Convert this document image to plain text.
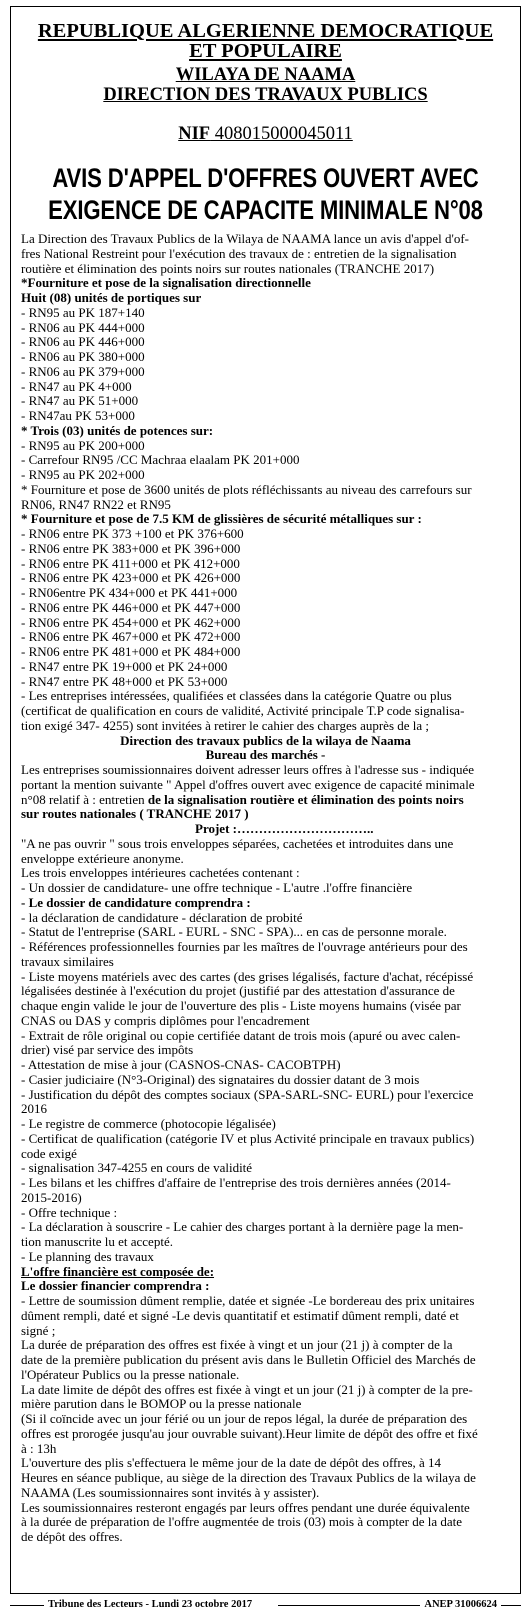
REPUBLIQUE ALGERIENNE DEMOCRATIQUE

ET POPULAIRE

WILAYA DE NAAMA

DIRECTION DES TRAVAUX PUBLICS

NIF 408015000045011

AVIS D'APPEL D'OFFRES OUVERT AVEC
EXIGENCE DE CAPACITE MINIMALE N°08

La Direction des Travaux Publics de la Wilaya de NAAMA lance un avis d'appel d'of-

fres National Restreint pour l'exécution des travaux de : entretien de la signalisation

routière et élimination des points noirs sur routes nationales (TRANCHE 2017)

*Fourniture et pose de la signalisation directionnelle

Huit (08) unités de portiques sur

- RN95 au PK 187+140

- RN06 au PK 444+000

- RN06 au PK 446+000

- RN06 au PK 380+000

- RN06 au PK 379+000

- RN47 au PK 4+000

- RN47 au PK 51+000

- RN47au PK 53+000

* Trois (03) unités de potences sur:

- RN95 au PK 200+000

- Carrefour RN95 /CC Machraa elaalam PK 201+000

- RN95 au PK 202+000

* Fourniture et pose de 3600 unités de plots réfléchissants au niveau des carrefours sur

RN06, RN47 RN22 et RN95

* Fourniture et pose de 7.5 KM de glissières de sécurité métalliques sur :

- RN06 entre PK 373 +100 et PK 376+600

- RN06 entre PK 383+000 et PK 396+000

- RN06 entre PK 411+000 et PK 412+000

- RN06 entre PK 423+000 et PK 426+000

- RN06entre PK 434+000 et PK 441+000

- RN06 entre PK 446+000 et PK 447+000

- RN06 entre PK 454+000 et PK 462+000

- RN06 entre PK 467+000 et PK 472+000

- RN06 entre PK 481+000 et PK 484+000

- RN47 entre PK 19+000 et PK 24+000

- RN47 entre PK 48+000 et PK 53+000

- Les entreprises intéressées, qualifiées et classées dans la catégorie Quatre ou plus

(certificat de qualification en cours de validité, Activité principale T.P code signalisa-

tion exigé 347- 4255) sont invitées à retirer le cahier des charges auprès de la ;

Direction des travaux publics de la wilaya de Naama

Bureau des marchés -

Les entreprises soumissionnaires doivent adresser leurs offres à l'adresse sus - indiquée

portant la mention suivante " Appel d'offres ouvert avec exigence de capacité minimale

n°08 relatif à : entretien de la signalisation routière et élimination des points noirs

sur routes nationales ( TRANCHE 2017 )

Projet :…………………………..

"A ne pas ouvrir " sous trois enveloppes séparées, cachetées et introduites dans une

enveloppe extérieure anonyme.

Les trois enveloppes intérieures cachetées contenant :

- Un dossier de candidature- une offre technique - L'autre .l'offre financière

- Le dossier de candidature comprendra :

- la déclaration de candidature - déclaration de probité

- Statut de l'entreprise (SARL - EURL - SNC - SPA)... en cas de personne morale.

- Références professionnelles fournies par les maîtres de l'ouvrage antérieurs pour des

travaux similaires

- Liste moyens matériels avec des cartes (des grises légalisés, facture d'achat, récépissé

légalisées destinée à l'exécution du projet (justifié par des attestation d'assurance de

chaque engin valide le jour de l'ouverture des plis - Liste moyens humains (visée par

CNAS ou DAS y compris diplômes pour l'encadrement

- Extrait de rôle original ou copie certifiée datant de trois mois (apuré ou avec calen-

drier) visé par service des impôts

- Attestation de mise à jour (CASNOS-CNAS- CACOBTPH)

- Casier judiciaire (N°3-Original) des signataires du dossier datant de 3 mois

- Justification du dépôt des comptes sociaux (SPA-SARL-SNC- EURL) pour l'exercice

2016

- Le registre de commerce (photocopie légalisée)

- Certificat de qualification (catégorie IV et plus Activité principale en travaux publics)

code exigé

- signalisation 347-4255 en cours de validité

- Les bilans et les chiffres d'affaire de l'entreprise des trois dernières années (2014-

2015-2016)

- Offre technique :

- La déclaration à souscrire - Le cahier des charges portant à la dernière page la men-

tion manuscrite lu et accepté.

- Le planning des travaux

L'offre financière est composée de:

Le dossier financier comprendra :

- Lettre de soumission dûment remplie, datée et signée -Le bordereau des prix unitaires

dûment rempli, daté et signé -Le devis quantitatif et estimatif dûment rempli, daté et

signé ;

La durée de préparation des offres est fixée à vingt et un jour (21 j) à compter de la

date de la première publication du présent avis dans le Bulletin Officiel des Marchés de

l'Opérateur Publics ou la presse nationale.

La date limite de dépôt des offres est fixée à vingt et un jour (21 j) à compter de la pre-

mière parution dans le BOMOP ou la presse nationale

(Si il coïncide avec un jour férié ou un jour de repos légal, la durée de préparation des

offres est prorogée jusqu'au jour ouvrable suivant).Heur limite de dépôt des offre et fixé

à : 13h

L'ouverture des plis s'effectuera le même jour de la date de dépôt des offres, à 14

Heures en séance publique, au siège de la direction des Travaux Publics de la wilaya de

NAAMA (Les soumissionnaires sont invités à y assister).

Les soumissionnaires resteront engagés par leurs offres pendant une durée équivalente

à la durée de préparation de l'offre augmentée de trois (03) mois à compter de la date

de dépôt des offres.

Tribune des Lecteurs - Lundi 23 octobre 2017	ANEP 31006624
